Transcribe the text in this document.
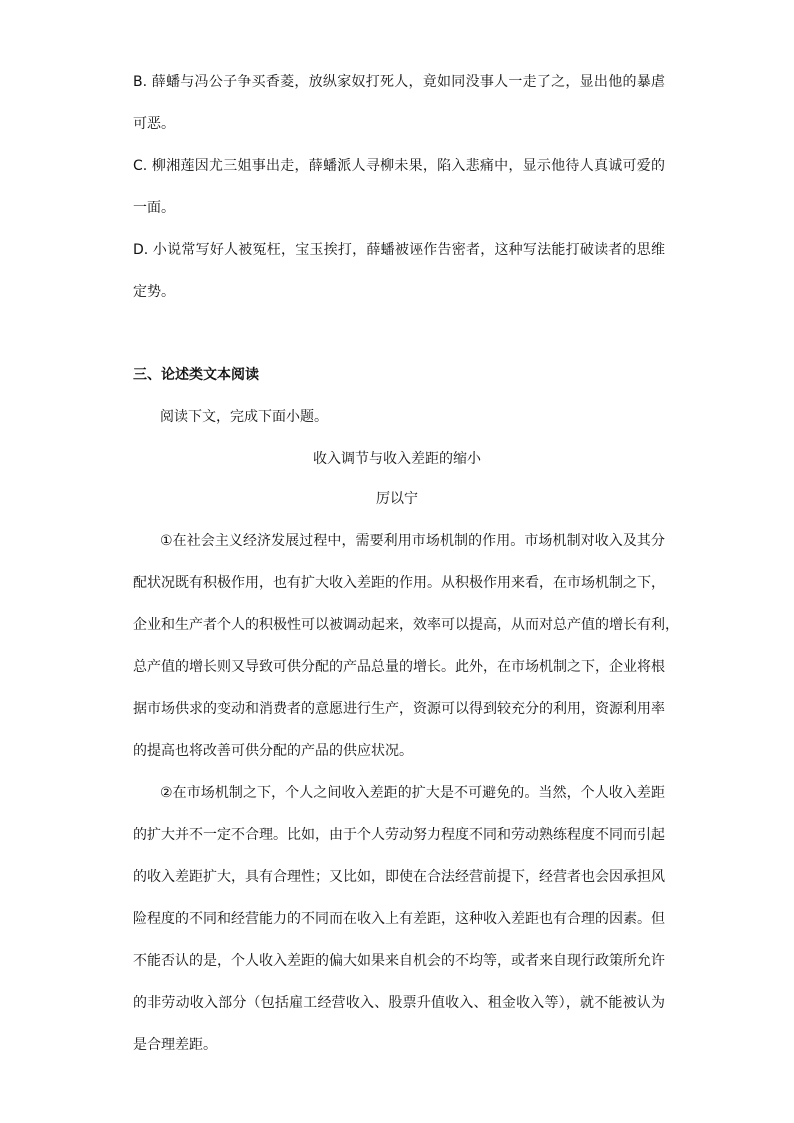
B. 薛蟠与冯公子争买香菱，放纵家奴打死人，竟如同没事人一走了之，显出他的暴虐
可恶。
C. 柳湘莲因尤三姐事出走，薛蟠派人寻柳未果，陷入悲痛中，显示他待人真诚可爱的
一面。
D. 小说常写好人被冤枉，宝玉挨打，薛蟠被诬作告密者，这种写法能打破读者的思维
定势。
三、论述类文本阅读
阅读下文，完成下面小题。
收入调节与收入差距的缩小
厉以宁
①在社会主义经济发展过程中，需要利用市场机制的作用。市场机制对收入及其分
配状况既有积极作用，也有扩大收入差距的作用。从积极作用来看，在市场机制之下，
企业和生产者个人的积极性可以被调动起来，效率可以提高，从而对总产值的增长有利，
总产值的增长则又导致可供分配的产品总量的增长。此外，在市场机制之下，企业将根
据市场供求的变动和消费者的意愿进行生产，资源可以得到较充分的利用，资源利用率
的提高也将改善可供分配的产品的供应状况。
②在市场机制之下，个人之间收入差距的扩大是不可避免的。当然，个人收入差距
的扩大并不一定不合理。比如，由于个人劳动努力程度不同和劳动熟练程度不同而引起
的收入差距扩大，具有合理性；又比如，即使在合法经营前提下，经营者也会因承担风
险程度的不同和经营能力的不同而在收入上有差距，这种收入差距也有合理的因素。但
不能否认的是，个人收入差距的偏大如果来自机会的不均等，或者来自现行政策所允许
的非劳动收入部分（包括雇工经营收入、股票升值收入、租金收入等），就不能被认为
是合理差距。
